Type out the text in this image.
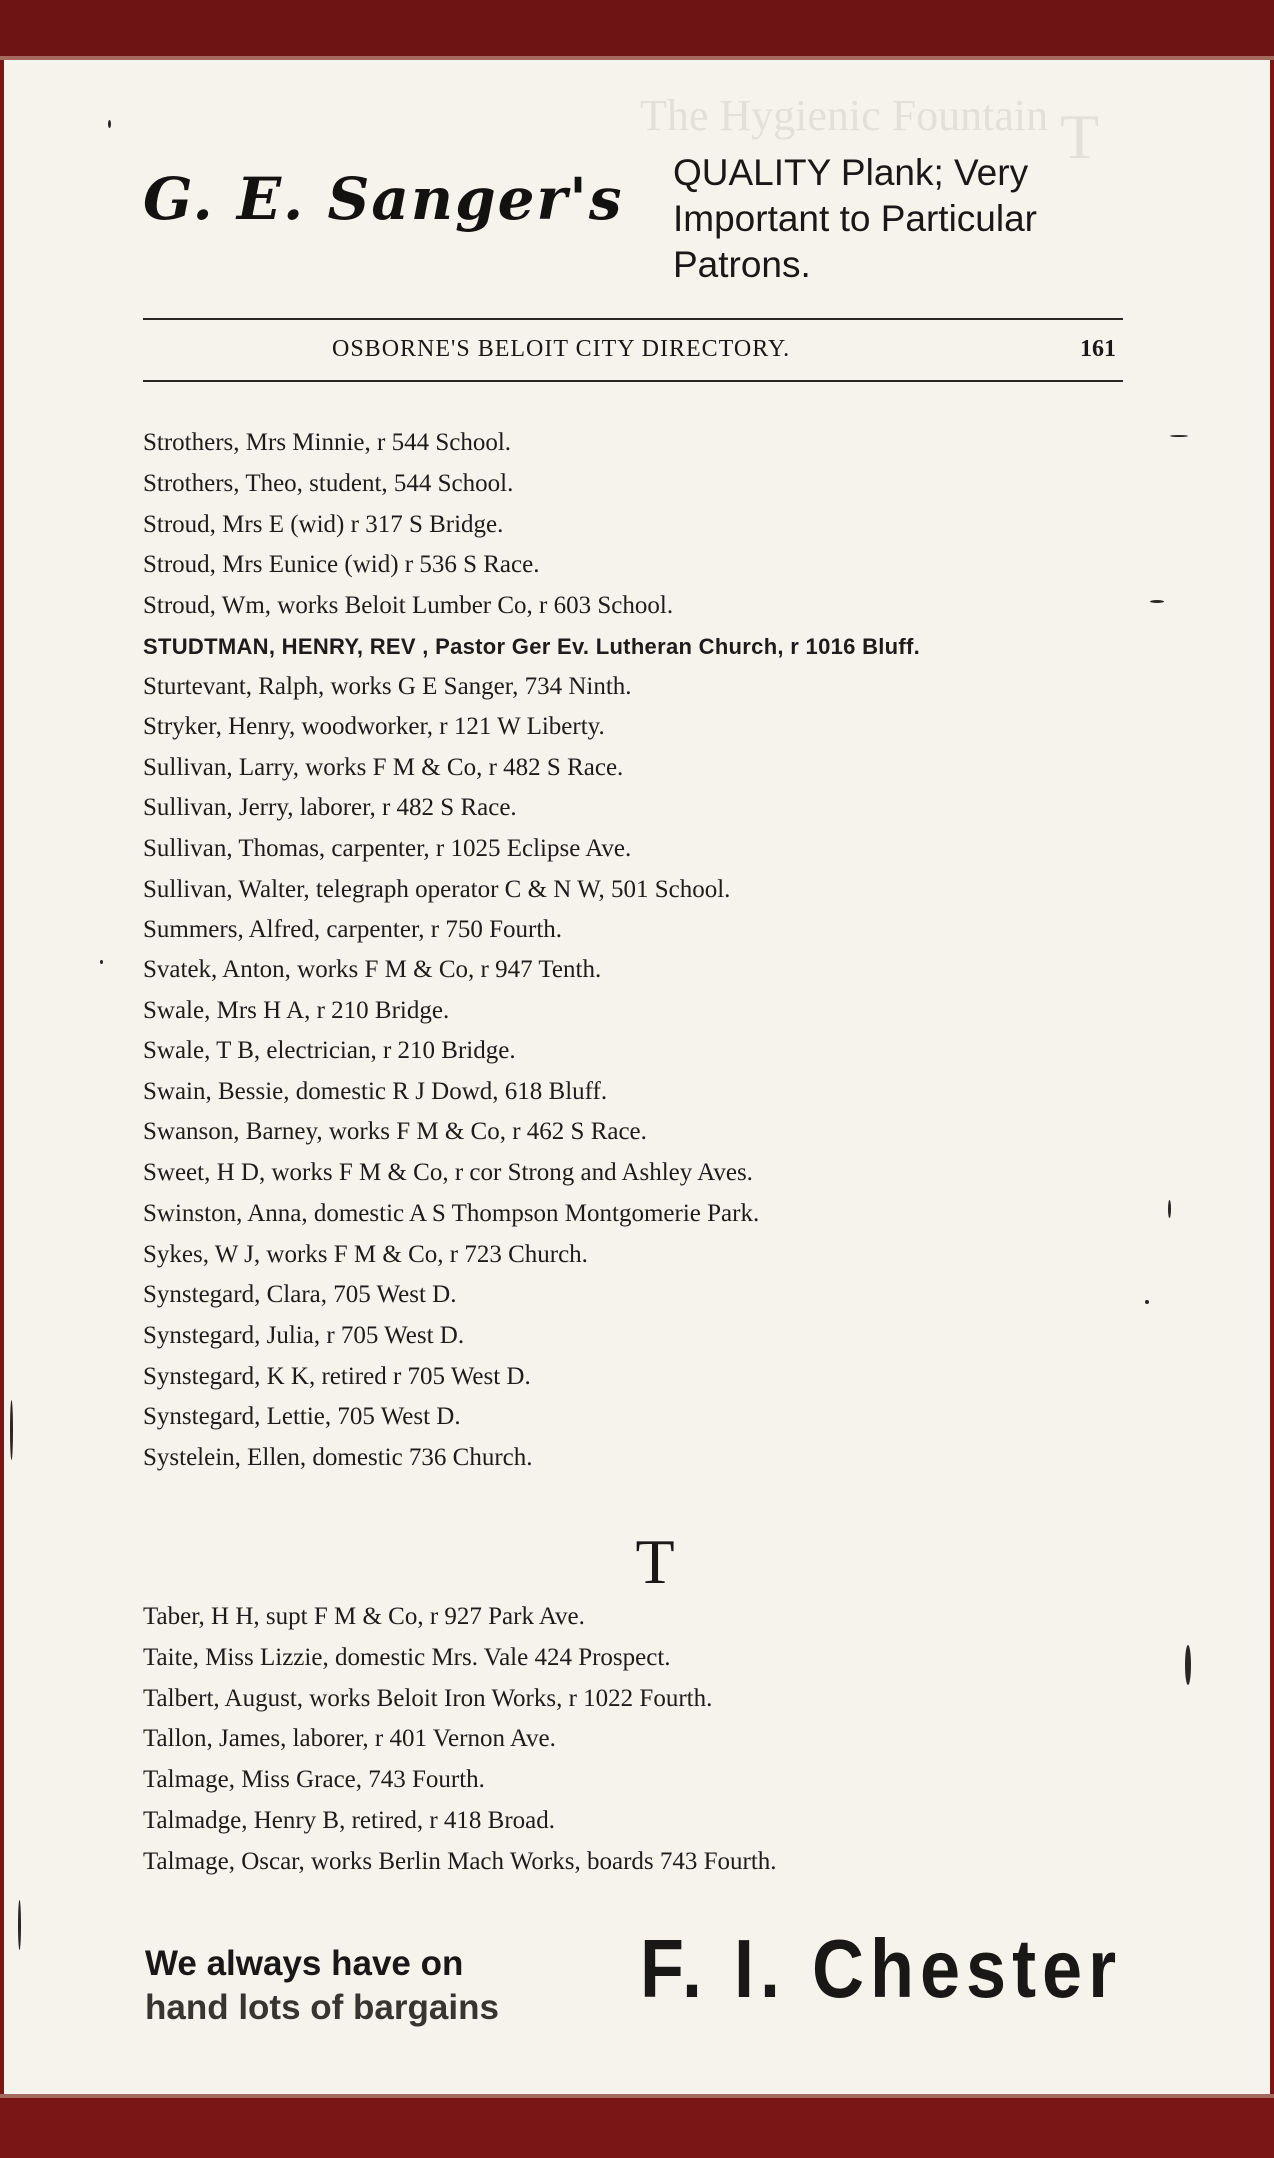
The Hygienic Fountain T
G. E. Sanger's	QUALITY Plank; Very
Important to Particular
Patrons.
OSBORNE'S BELOIT CITY DIRECTORY.	161
Strothers, Mrs Minnie, r 544 School.
Strothers, Theo, student, 544 School.
Stroud, Mrs E (wid) r 317 S Bridge.
Stroud, Mrs Eunice (wid) r 536 S Race.
Stroud, Wm, works Beloit Lumber Co, r 603 School.
STUDTMAN, HENRY, REV , Pastor Ger Ev. Lutheran Church, r 1016 Bluff.
Sturtevant, Ralph, works G E Sanger, 734 Ninth.
Stryker, Henry, woodworker, r 121 W Liberty.
Sullivan, Larry, works F M & Co, r 482 S Race.
Sullivan, Jerry, laborer, r 482 S Race.
Sullivan, Thomas, carpenter, r 1025 Eclipse Ave.
Sullivan, Walter, telegraph operator C & N W, 501 School.
Summers, Alfred, carpenter, r 750 Fourth.
Svatek, Anton, works F M & Co, r 947 Tenth.
Swale, Mrs H A, r 210 Bridge.
Swale, T B, electrician, r 210 Bridge.
Swain, Bessie, domestic R J Dowd, 618 Bluff.
Swanson, Barney, works F M & Co, r 462 S Race.
Sweet, H D, works F M & Co, r cor Strong and Ashley Aves.
Swinston, Anna, domestic A S Thompson Montgomerie Park.
Sykes, W J, works F M & Co, r 723 Church.
Synstegard, Clara, 705 West D.
Synstegard, Julia, r 705 West D.
Synstegard, K K, retired r 705 West D.
Synstegard, Lettie, 705 West D.
Systelein, Ellen, domestic 736 Church.
T
Taber, H H, supt F M & Co, r 927 Park Ave.
Taite, Miss Lizzie, domestic Mrs. Vale 424 Prospect.
Talbert, August, works Beloit Iron Works, r 1022 Fourth.
Tallon, James, laborer, r 401 Vernon Ave.
Talmage, Miss Grace, 743 Fourth.
Talmadge, Henry B, retired, r 418 Broad.
Talmage, Oscar, works Berlin Mach Works, boards 743 Fourth.
We always have on
hand lots of bargains	F. I. Chester
